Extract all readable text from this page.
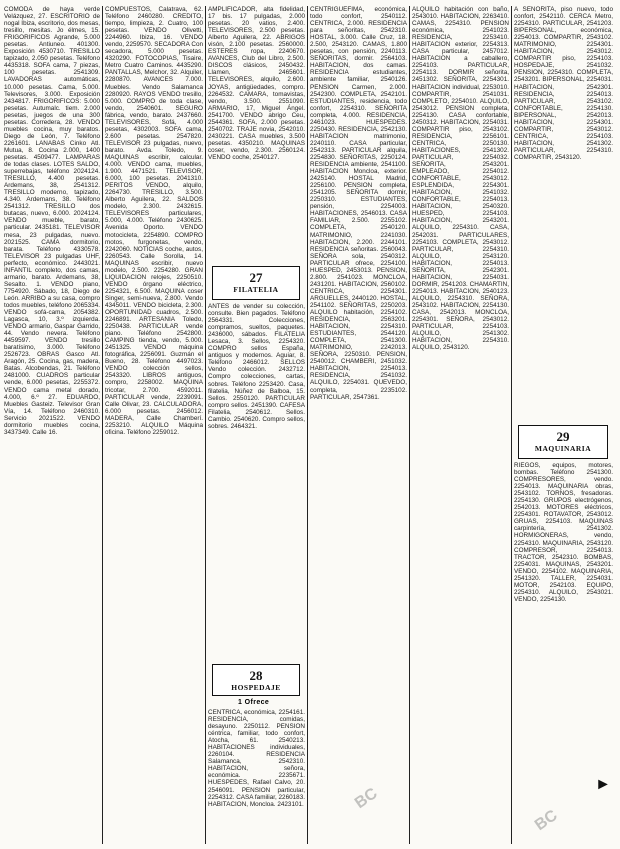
COMODA de haya verde Velázquez, 27. ESCRITORIO de nogal Ibiza, escritorio, dos mesas, tresillo, mesitas. Jo élmes, 15. FRIGORIFICOS Agrande, 5.000 pesetas. Antiuneo. 401300. Exposición 4530710. TRESILLO tapizado, 2.050 pesetas. Teléfono 4435318. SOFA cama, 7 piezas, 100 pesetas. 2541309. LAVADORAS automáticas, 10.000 pesetas. Cama, 5.000. Televisores, 3.000. Exposición 2434817. FRIGORIFICOS: 5.000 pesetas. Autumalc. tiem. 2.000 pesetas, juegos de una 300 pesetas. Corredera, 28. VENDO muebles cocina, muy baratos. Diego de León, 7. Teléfono 2261601. LANABAS Cinko Atl. Mutua, 8. Cocina 2.000, 1400 pesetas. 4509477. LAMPARAS de todas clases. LOTES SALDO, superrebajas, teléfono 2024124. TRESILLO, 4.400 pesetas. Ardemans, 38, 2541312. TRESILLO moderno, tapizado, 4.340. Ardemans, 38. Teléfono 2541312. TRESILLO dos butacas, nuevo, 6.000. 2024124. VENDO mueble, barato, particular. 2435181. TELEVISOR mesa, 23 pulgadas, nuevo. 2021525. CAMA dormitorio, barata. Teléfono 4330578. TELEVISOR 23 pulgadas UHF, perfecto, económico. 2443021. INFANTIL completo, dos camas, armario, barato. Ardemans, 38, Sesalto. 1. VENDO piano, 7754920. Sábado, 18, Diego de León. ARRIBO a su casa, compro todos muebles, teléfono 2065334. VENDO sofá-cama, 2054382. Lagasca, 10, 3.º izquierda. VENDO armario, Gaspar Garrido, 44. Vendo nevera. Teléfono 4459597. VENDO tresillo baratísimo, 3.000. Teléfono 2526723. OBRAS Gasco Atl. Aragón, 25. Cocina, gas, madera, Batas. Alcobendas, 21. Teléfono 2481000. CUADROS particular vende, 6.000 pesetas, 2255372. VENDO cama metal dorado, 4.000, 6.º 27. EDUARDO, Muebles Gasteiz. Televisor Gran Vía, 14. Teléfono 2460310. Servicio 2021522. VENDO dormitorio muebles cocina, 3437349. Calle 16.

COMPUESTOS, Calatrava, 62. Teléfono 2460280. CREDITO, tiempo, limpieza, 2. Cuatro, 100 pesetas. VENDO Olivetti, 2244960. Ibiza, 16. VENDO vendo, 2259570. SECADORA Con secadora, 5.000 pesetas. 4320290. FOTOCOPIAS, Tisaire, Metro Cuatro Caminos. 4435290. PANTALLAS, Melchor, 32. Alquiler, 2280870. AVANCES 7.000. Muebles. Vendo Salamanca 2280920. RAYOS VENDO tresillo, 5.000. COMPRO de toda clase, vendo, 2540601. SEGURO fábrica, vendo, barato. 2437660. TELEVISORES, Sofá, 4.000 pesetas, 4302003. SOFA cama, 2.600 pesetas. 2547820. TELEVISOR 23 pulgadas, nuevo, barato. Avda. Toledo, 9. MAQUINAS escribir, calcular. 4.000. VENDO cama, muebles, 1.900. 4471521. TELEVISOR, 6.000, 100 pesetas. 2041310. PERITOS VENDO, alquilo, 2264730. TRESILLO, 3.500. Alberto Aguilera, 22. SALDOS modelo, 2.300. 2432615. TELEVISORES particulares, 5.000, 4.000. Teléfono 2430625. Avenida Oporto. VENDO motocicleta, 2254890. COMPRO motos, furgonetas, vendo, 2242060. NOTICIAS coche, autos, 2260543. Calle Sorolla, 14. MAQUINAS escribir, nuevo modelo, 2.500. 2254280. GRAN LIQUIDACION relojes, 2250510. VENDO órgano eléctrico, 2254321, 6.500. MAQUINA coser Singer, semi-nueva, 2.800. Vendo 4345011. VENDO bicicleta, 2.300. OPORTUNIDAD cuadros, 2.500. 2246891. ARTESANIA Toledo, 2250438. PARTICULAR vende piano. Teléfono 2542800. CAMPING tienda, vendo, 5.000. 2451325. VENDO máquina fotográfica, 2256091. Guzmán el Bueno, 28. Teléfono 4497023. VENDO colección sellos, 2543320. LIBROS antiguos, compro, 2258002. MAQUINA tricotar, 2.700. 4592011. PARTICULAR vende, 2239091. Calle Olivar, 23. CALCULADORA, 6.000 pesetas. 2456012. MADERA, Calle Chamberí. 2253210. ALQUILO Máquina oficina. Teléfono 2259012.

AMPLIFICADOR, alta fidelidad, 17 bis. 17 pulgadas, 2.000 pesetas. 20 vatios, 2.400. TELEVISORES, 2.500 pesetas. Alberto Aguilera, 22. ABRIGOS visón, 2.100 pesetas. 2560000. ESTERES ropa, 2240670. AVANCES, Club del Libro, 2.500. DISCOS clásicos, 2450432. Llamen, 2465601. TELEVISORES, alquilo, 2.600. JOYAS, antigüedades, compro. 2264532. CAMARA, tomavistas, vendo, 3.500. 2551090. ARMARIO, 17, Miguel Ángel. 2541700. VENDO abrigo Ceu, 2544361. SOFA, 2.000 pesetas. 2540702. TRAJE novia, 2542010. 2430221. CASA muebles, 3.500 pesetas. 4350210. MAQUINAS coser, vendo, 2.300. 2560124. VENDO coche, 2540127.

27
FILATELIA

ANTES de vender su colección, consulte. Bien pagados. Teléfono 2564331. Colecciones, compramos, sueltos, paquetes. 2436000, sábados. FILATELIA Lesaca, 3. Sellos, 2254320. COMPRO sellos España, antiguos y modernos. Aguiar, 8. Teléfono 2466012. SELLOS Vendo colección. 2432712. Compro colecciones, cartas, sobres. Teléfono 2253420. Casa, filatelia, Núñez de Balboa, 15. Sellos. 2550120. PARTICULAR compro sellos. 2451390. CAFESA Filatelia, 2540612. Sellos. Cambio. 2540620. Compro sellos, sobres. 2464321.

28
HOSPEDAJE
1 Ofrece

CENTRICA, económica, 2254161. RESIDENCIA, comidas, desayuno. 2250112. PENSION céntrica, familiar, todo confort, Atocha, 61. 2540213. HABITACIONES individuales, 2260104. RESIDENCIA Salamanca, 2542310. HABITACION, señora, económica. 2235671. HUESPEDES, Rafael Calvo, 20. 2546091. PENSION particular, 2254312. CASA familiar, 2260183. HABITACION, Moncloa. 2423101.

CENTRIGUEFIMA, económica, todo confort, 2540112. CENTRICA, 2.000. RESIDENCIA para señoritas, 2542310. HOSTAL, 3.000. Calle Cruz, 18. 2.500, 2543120. CAMAS, 1.800 pesetas, con pensión, 2240113. SEÑORITAS, dormir. 2564103. HABITACION, dos camas. RESIDENCIA estudiantes, ambiente familiar, 2540126. PENSION Carmen, 2.000. 2542300. COMPLETA, 2542101. ESTUDIANTES, residencia, todo confort, 2254310. SEÑORITA completa, 4.000. RESIDENCIA, 2461023. HUESPEDES. 2250430. RESIDENCIA, 2542130. HABITACION matrimonio, 2240110. CASA particular, 2542313. PARTICULAR alquila, 2254830. SEÑORITAS, 2250124. RESIDENCIA ambiente, 2541100. HABITACION Moncloa, exterior. 2425140. HOSTAL Madrid, 2256100. PENSION completa, 2541205. SEÑORITA dormir, 2250310. ESTUDIANTES, pensión, 2254003. HABITACIONES, 2546013. CASA FAMILIAR, 2.500. 2255102. COMPLETA, 2540120. MATRIMONIO, 2241030. HABITACION, 2.200. 2244101. RESIDENCIA señoritas. 2560043. SEÑORA sola, 2540312. PARTICULAR ofrece, 2254100. HUESPED, 2453013. PENSION, 2.800. 2541023. MONCLOA, 2431201. HABITACION, 2560102. CENTRICA, 2254301. ARGUELLES, 2440120. HOSTAL, 2541102. SEÑORITAS, 2250203. ALQUILO habitación, 2254102. RESIDENCIA, 2563201. HABITACION, 2254310. ESTUDIANTES, 2544120. COMPLETA, 2541300. MATRIMONIO, 2242013. SEÑORA, 2250310. PENSION, 2540012. CHAMBERI, 2451032. HABITACION, 2254013. RESIDENCIA, 2541032. ALQUILO, 2254031. QUEVEDO, completa, 2235102. PARTICULAR, 2547361.

ALQUILO habitación con baño, 2543010. HABITACION, 2263410. CAMAS, 2254310. PENSION económica, 2541023. RESIDENCIA, 2253410. HABITACION exterior, 2254313. CASA particular, 2457012. HABITACION a caballero, 2254103. PARTICULAR, 2254113. DORMIR señorita, 2451302. SEÑORITA, 2254301. HABITACION individual, 2253010. COMPARTIR, 2541031. COMPLETO, 2254010. ALQUILO, 2543012. PENSION completa, 2254130. CASA confortable, 2450312. HABITACION, 2254031. COMPARTIR piso, 2543102. RESIDENCIA, 2256101. CENTRICA, 2250130. HABITACIONES, 2541302. PARTICULAR, 2254032. SEÑORITA, 2543201. EMPLEADO, 2254012. CONFORTABLE, 2543012. ESPLENDIDA, 2254301. HABITACION, 2541032. CONFORTABLE, 2254013. HABITACION, 2540320. HUESPED, 2254103. HABITACION, 2543201. ALQUILO, 2254310. CASA, 2542031. PARTICULARES, 2254103. COMPLETA, 2543012. PARTICULAR, 2254310. ALQUILO, 2543120. HABITACION, 2254013. SEÑORITA, 2542301. HABITACION, 2254031. DORMIR, 2541203. CHAMARTIN, 2254013. HABITACION, 2540123. ALQUILO, 2254310. SEÑORA, 2543102. HABITACION, 2254130. CASA, 2542013. MONCLOA, 2254301. SEÑORA, 2543012. PARTICULAR, 2254103. ALQUILO, 2541302. HABITACION, 2254310. ALQUILO, 2543120.

A SEÑORITA, piso nuevo, todo confort, 2542110. CERCA Metro, 2254310. PARTICULAR, 2541203. BIPERSONAL, económica, 2254013. COMPARTIR, 2543102. MATRIMONIO, 2254301. HABITACION, 2543012. COMPARTIR piso, 2254103. HOSPEDAJE, 2541032. PENSION, 2254310. COMPLETA, 2543201. BIPERSONAL, 2254031. HABITACION, 2542301. RESIDENCIA, 2254013. PARTICULAR, 2543102. CONFORTABLE, 2254130. BIPERSONAL, 2542013. HABITACION, 2254301. COMPARTIR, 2543012. CENTRICA, 2254103. HABITACION, 2541302. PARTICULAR, 2254310. COMPARTIR, 2543120.

29
MAQUINARIA

RIEGOS, equipos, motores, bombas. Teléfono 2541300. COMPRESORES, vendo. 2254013. MAQUINARIA obras, 2543102. TORNOS, fresadoras. 2254130. GRUPOS electrógenos, 2542013. MOTORES eléctricos, 2254301. ROTAVATOR, 2543012. GRUAS, 2254103. MAQUINAS carpintería, 2541302. HORMIGONERAS, vendo, 2254310. MAQUINARIA, 2543120. COMPRESOR, 2254013. TRACTOR, 2542310. BOMBAS, 2254031. MAQUINAS, 2543201. VENDO, 2254102. MAQUINARIA, 2541320. TALLER, 2254031. MOTOR, 2542103. EQUIPO, 2254310. ALQUILO, 2543021. VENDO, 2254130.

BC
BC
►
